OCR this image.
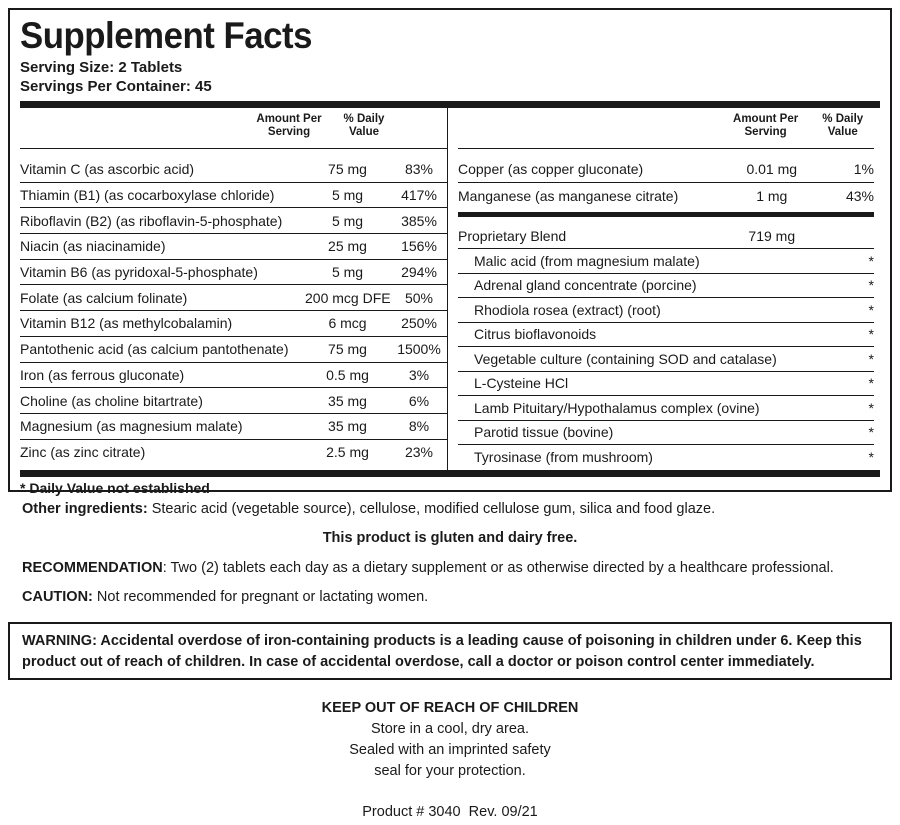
Supplement Facts
Serving Size: 2 Tablets
Servings Per Container: 45
Amount Per
Serving
% Daily
Value
Vitamin C (as ascorbic acid)	75 mg	83%
Thiamin (B1) (as cocarboxylase chloride)	5 mg	417%
Riboflavin (B2) (as riboflavin-5-phosphate)	5 mg	385%
Niacin (as niacinamide)	25 mg	156%
Vitamin B6 (as pyridoxal-5-phosphate)	5 mg	294%
Folate (as calcium folinate)	200 mcg DFE	50%
Vitamin B12 (as methylcobalamin)	6 mcg	250%
Pantothenic acid (as calcium pantothenate)	75 mg	1500%
Iron (as ferrous gluconate)	0.5 mg	3%
Choline (as choline bitartrate)	35 mg	6%
Magnesium (as magnesium malate)	35 mg	8%
Zinc (as zinc citrate)	2.5 mg	23%
Amount Per
Serving
% Daily
Value
Copper (as copper gluconate)	0.01 mg	1%
Manganese (as manganese citrate)	1 mg	43%
Proprietary Blend	719 mg
Malic acid (from magnesium malate)	*
Adrenal gland concentrate (porcine)	*
Rhodiola rosea (extract) (root)	*
Citrus bioflavonoids	*
Vegetable culture (containing SOD and catalase)	*
L-Cysteine HCl	*
Lamb Pituitary/Hypothalamus complex (ovine)	*
Parotid tissue (bovine)	*
Tyrosinase (from mushroom)	*
* Daily Value not established
Other ingredients: Stearic acid (vegetable source), cellulose, modified cellulose gum, silica and food glaze.
This product is gluten and dairy free.
RECOMMENDATION: Two (2) tablets each day as a dietary supplement or as otherwise directed by a healthcare professional.
CAUTION: Not recommended for pregnant or lactating women.
WARNING: Accidental overdose of iron-containing products is a leading cause of poisoning in children under 6. Keep this
product out of reach of children. In case of accidental overdose, call a doctor or poison control center immediately.
KEEP OUT OF REACH OF CHILDREN
Store in a cool, dry area.
Sealed with an imprinted safety
seal for your protection.
Product # 3040  Rev. 09/21
